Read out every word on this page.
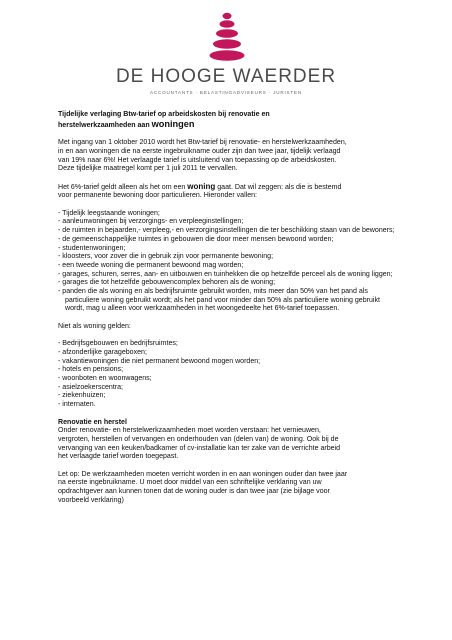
DE HOOGE WAERDER
ACCOUNTANTS · BELASTINGADVISEURS · JURISTEN

Tijdelijke verlaging Btw-tarief op arbeidskosten bij renovatie en
herstelwerkzaamheden aan woningen

Met ingang van 1 oktober 2010 wordt het Btw-tarief bij renovatie- en herstelwerkzaamheden,
in en aan woningen die na eerste ingebruikname ouder zijn dan twee jaar, tijdelijk verlaagd
van 19% naar 6%! Het verlaagde tarief is uitsluitend van toepassing op de arbeidskosten.
Deze tijdelijke maatregel komt per 1 juli 2011 te vervallen.

Het 6%-tarief geldt alleen als het om een woning gaat. Dat wil zeggen: als die is bestemd
voor permanente bewoning door particulieren. Hieronder vallen:

- Tijdelijk leegstaande woningen;
- aanleunwoningen bij verzorgings- en verpleeginstellingen;
- de ruimten in bejaarden,- verpleeg,- en verzorgingsinstellingen die ter beschikking staan van de bewoners;
- de gemeenschappelijke ruimtes in gebouwen die door meer mensen bewoond worden;
- studentenwoningen;
- kloosters, voor zover die in gebruik zijn voor permanente bewoning;
- een tweede woning die permanent bewoond mag worden;
- garages, schuren, serres, aan- en uitbouwen en tuinhekken die op hetzelfde perceel als de woning liggen;
- garages die tot hetzelfde gebouwencomplex behoren als de woning;
- panden die als woning en als bedrijfsruimte gebruikt worden, mits meer dan 50% van het pand als particuliere woning gebruikt wordt; als het pand voor minder dan 50% als particuliere woning gebruikt wordt, mag u alleen voor werkzaamheden in het woongedeelte het 6%-tarief toepassen.

Niet als woning gelden:

- Bedrijfsgebouwen en bedrijfsruimtes;
- afzonderlijke garageboxen;
- vakantiewoningen die niet permanent bewoond mogen worden;
- hotels en pensions;
- woonboten en woonwagens;
- asielzoekerscentra;
- ziekenhuizen;
- internaten.

Renovatie en herstel

Onder renovatie- en herstelwerkzaamheden moet worden verstaan: het vernieuwen,
vergroten, herstellen of vervangen en onderhouden van (delen van) de woning. Ook bij de
vervanging van een keuken/badkamer of cv-installatie kan ter zake van de verrichte arbeid
het verlaagde tarief worden toegepast.

Let op: De werkzaamheden moeten verricht worden in en aan woningen ouder dan twee jaar
na eerste ingebruikname. U moet door middel van een schriftelijke verklaring van uw
opdrachtgever aan kunnen tonen dat de woning ouder is dan twee jaar (zie bijlage voor
voorbeeld verklaring)
